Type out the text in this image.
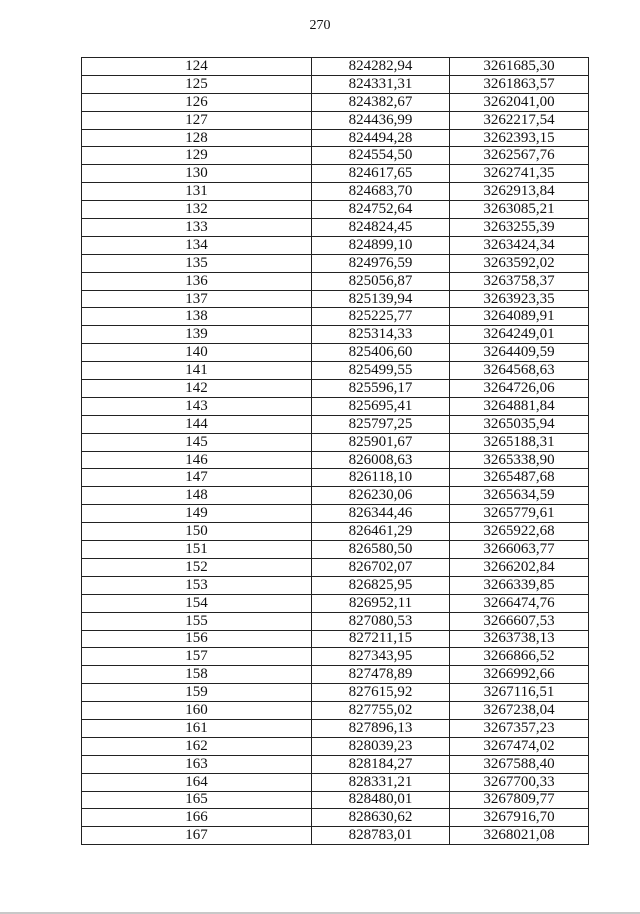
270
124	824282,94	3261685,30
125	824331,31	3261863,57
126	824382,67	3262041,00
127	824436,99	3262217,54
128	824494,28	3262393,15
129	824554,50	3262567,76
130	824617,65	3262741,35
131	824683,70	3262913,84
132	824752,64	3263085,21
133	824824,45	3263255,39
134	824899,10	3263424,34
135	824976,59	3263592,02
136	825056,87	3263758,37
137	825139,94	3263923,35
138	825225,77	3264089,91
139	825314,33	3264249,01
140	825406,60	3264409,59
141	825499,55	3264568,63
142	825596,17	3264726,06
143	825695,41	3264881,84
144	825797,25	3265035,94
145	825901,67	3265188,31
146	826008,63	3265338,90
147	826118,10	3265487,68
148	826230,06	3265634,59
149	826344,46	3265779,61
150	826461,29	3265922,68
151	826580,50	3266063,77
152	826702,07	3266202,84
153	826825,95	3266339,85
154	826952,11	3266474,76
155	827080,53	3266607,53
156	827211,15	3263738,13
157	827343,95	3266866,52
158	827478,89	3266992,66
159	827615,92	3267116,51
160	827755,02	3267238,04
161	827896,13	3267357,23
162	828039,23	3267474,02
163	828184,27	3267588,40
164	828331,21	3267700,33
165	828480,01	3267809,77
166	828630,62	3267916,70
167	828783,01	3268021,08
